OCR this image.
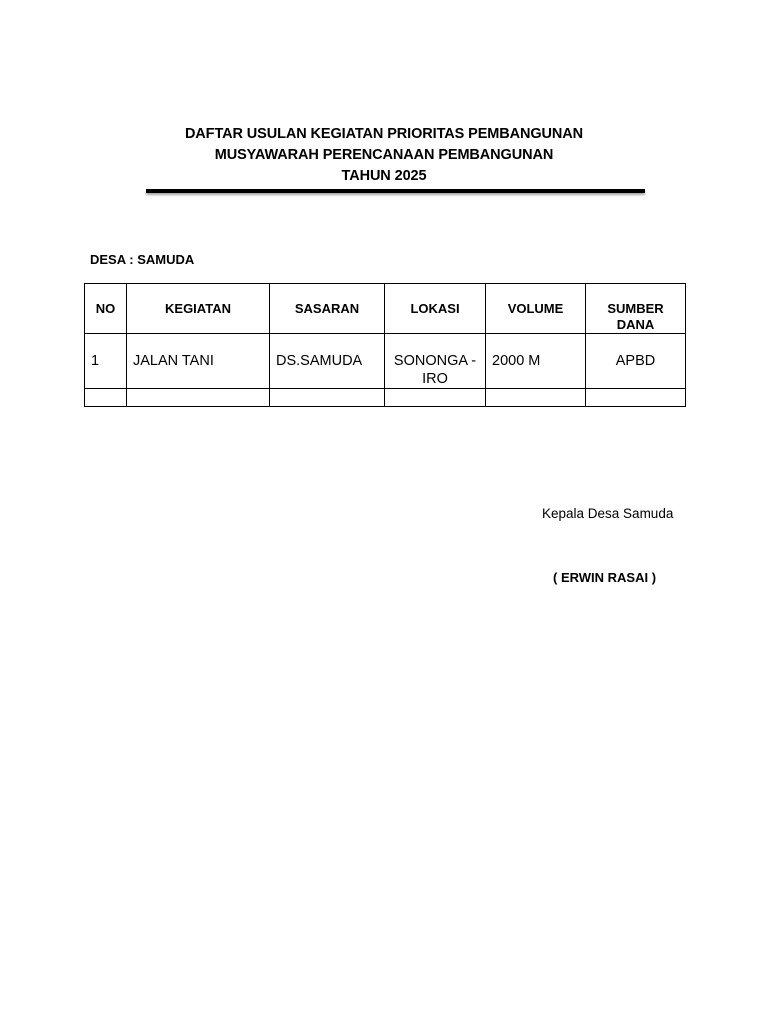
DAFTAR USULAN KEGIATAN PRIORITAS PEMBANGUNAN
MUSYAWARAH PERENCANAAN PEMBANGUNAN
TAHUN 2025
DESA : SAMUDA
NO	KEGIATAN	SASARAN	LOKASI	VOLUME	SUMBER DANA
1	JALAN TANI	DS.SAMUDA	SONONGA - IRO	2000 M	APBD

Kepala Desa Samuda
( ERWIN RASAI )
